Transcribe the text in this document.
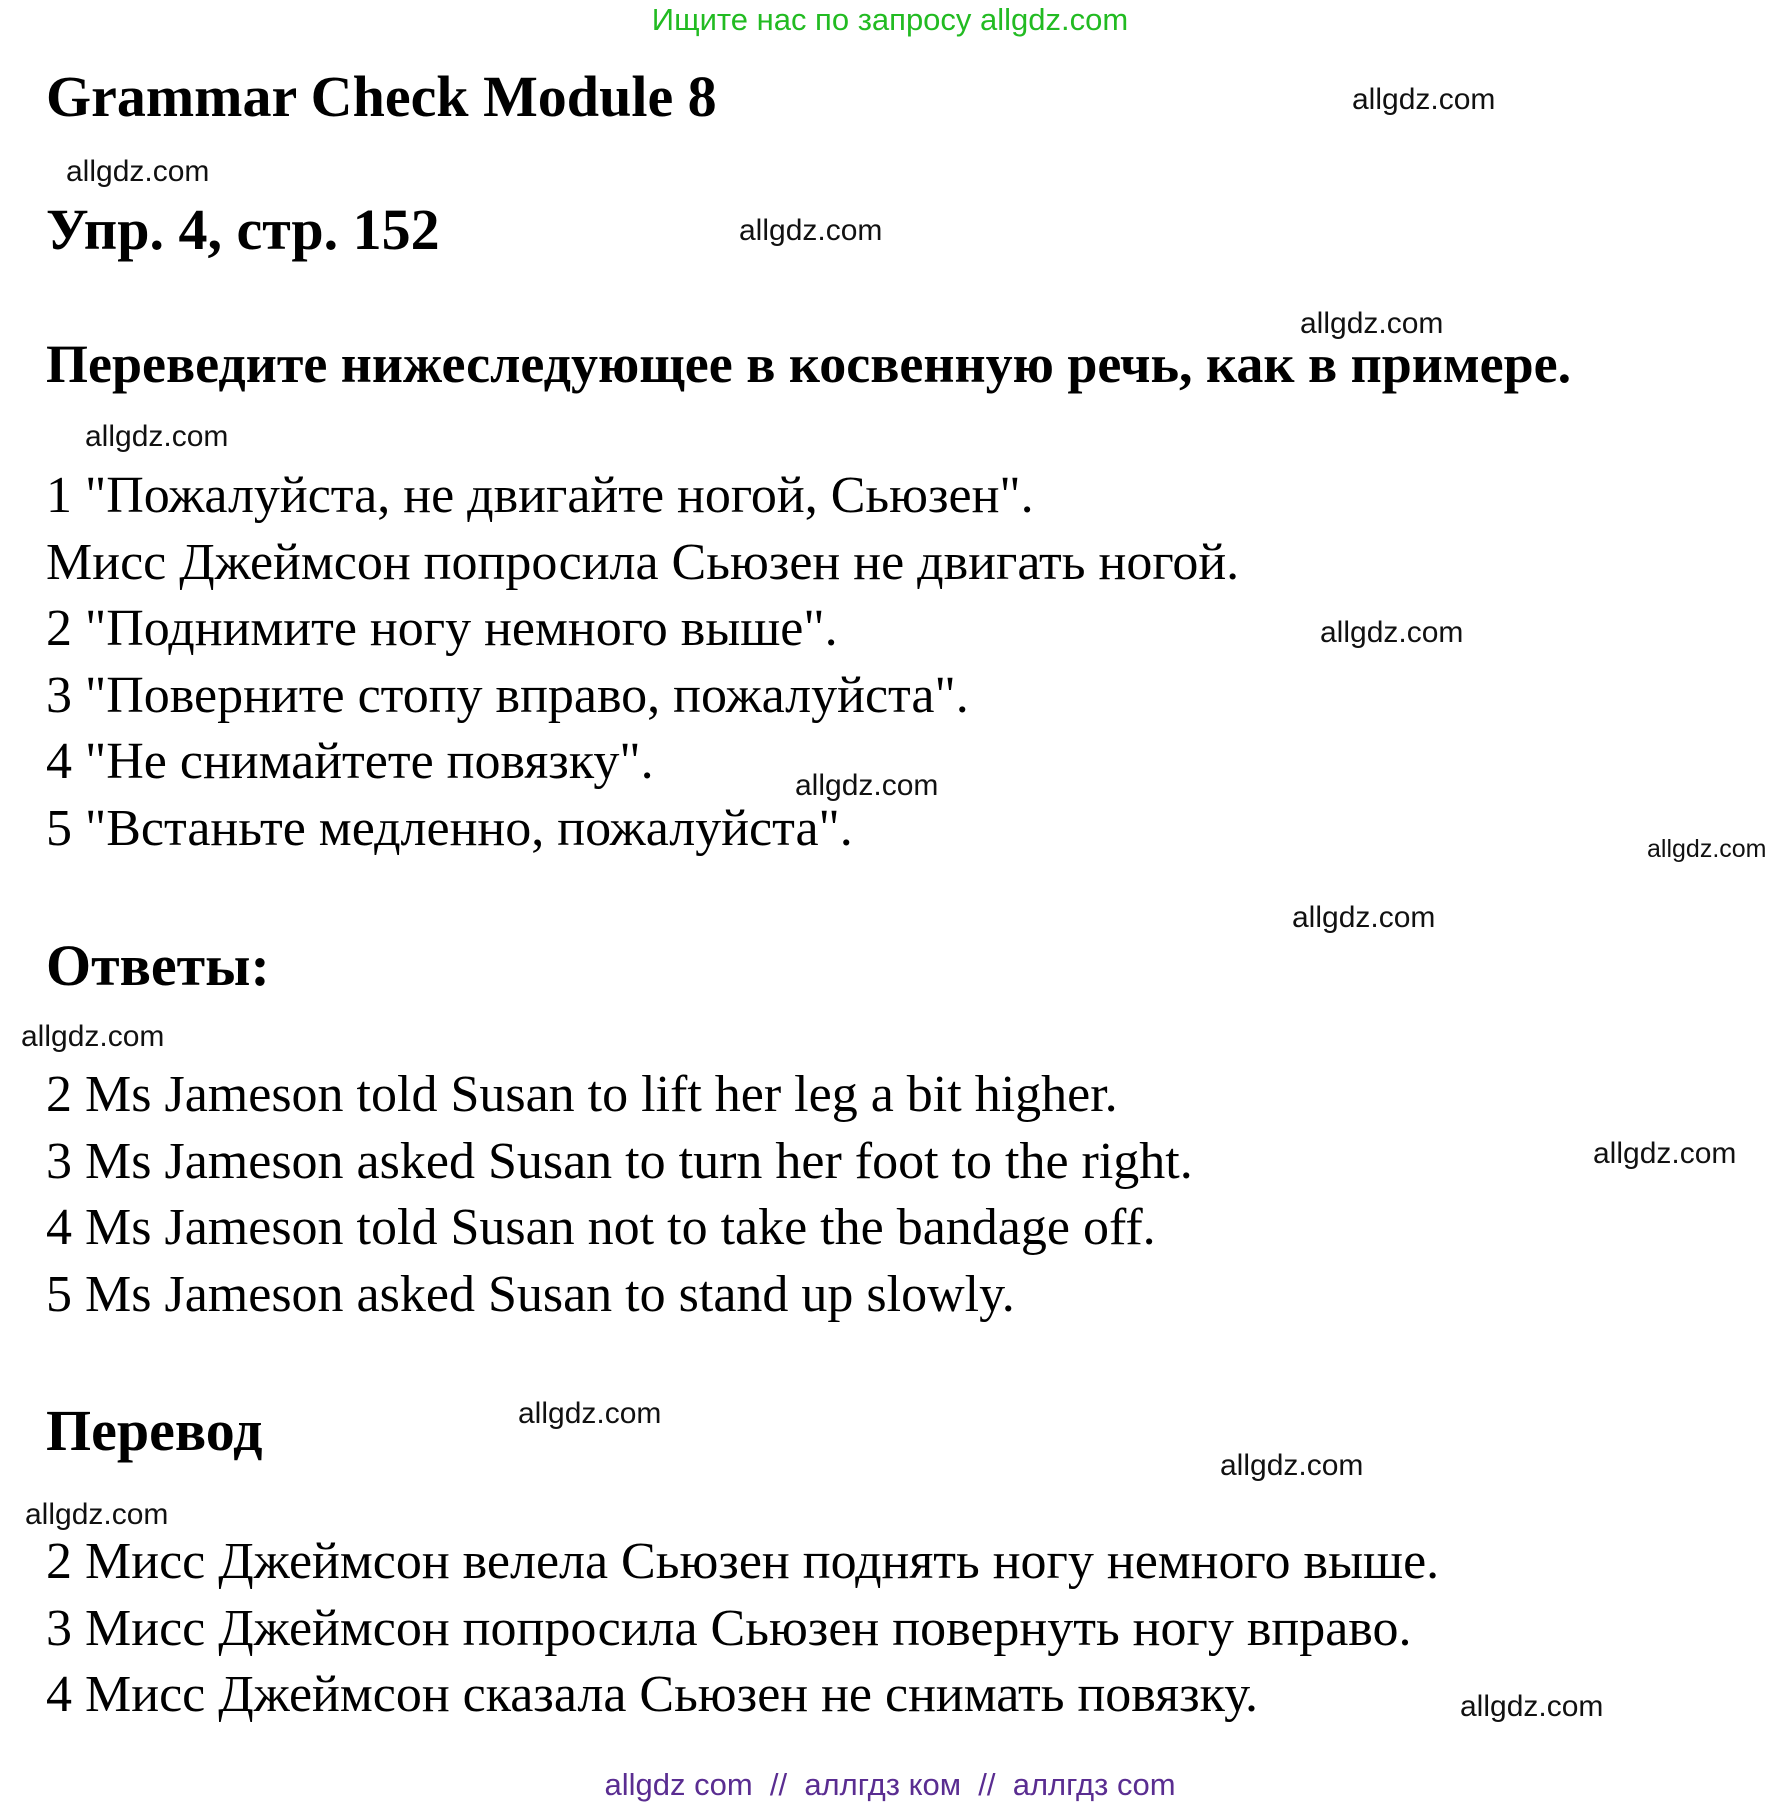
Ищите нас по запросу allgdz.com
Grammar Check Module 8
Упр. 4, стр. 152
Переведите нижеследующее в косвенную речь, как в примере.
1 "Пожалуйста, не двигайте ногой, Сьюзен".
Мисс Джеймсон попросила Сьюзен не двигать ногой.
2 "Поднимите ногу немного выше".
3 "Поверните стопу вправо, пожалуйста".
4 "Не снимайтете повязку".
5 "Встаньте медленно, пожалуйста".
Ответы:
2 Ms Jameson told Susan to lift her leg a bit higher.
3 Ms Jameson asked Susan to turn her foot to the right.
4 Ms Jameson told Susan not to take the bandage off.
5 Ms Jameson asked Susan to stand up slowly.
Перевод
2 Мисс Джеймсон велела Сьюзен поднять ногу немного выше.
3 Мисс Джеймсон попросила Сьюзен повернуть ногу вправо.
4 Мисс Джеймсон сказала Сьюзен не снимать повязку.
allgdz.com
allgdz.com
allgdz.com
allgdz.com
allgdz.com
allgdz.com
allgdz.com
allgdz.com
allgdz.com
allgdz.com
allgdz.com
allgdz.com
allgdz.com
allgdz.com
allgdz.com
allgdz com  //  аллгдз ком  //  аллгдз com
